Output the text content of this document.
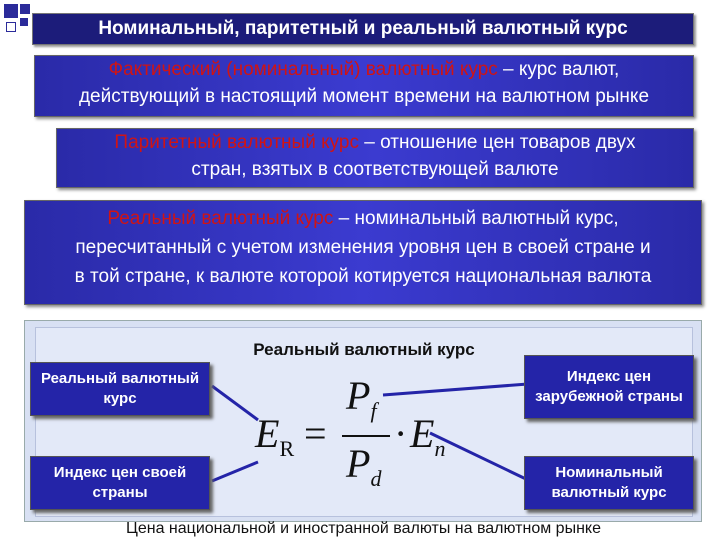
Номинальный, паритетный и реальный валютный курс
Фактический (номинальный) валютный курс – курс валют,
действующий в настоящий момент времени на валютном рынке
Паритетный валютный курс – отношение цен товаров двух
стран, взятых в соответствующей валюте
Реальный валютный курс – номинальный валютный курс,
пересчитанный с учетом изменения уровня цен в своей стране и
в той стране, к валюте которой котируется национальная валюта
Реальный валютный курс
Реальный валютный курс
Индекс цен своей страны
Индекс цен зарубежной страны
Номинальный валютный курс
$E_R$ =
$P_f$
$P_d$
· $E_n$
Цена национальной и иностранной валюты на валютном рынке
